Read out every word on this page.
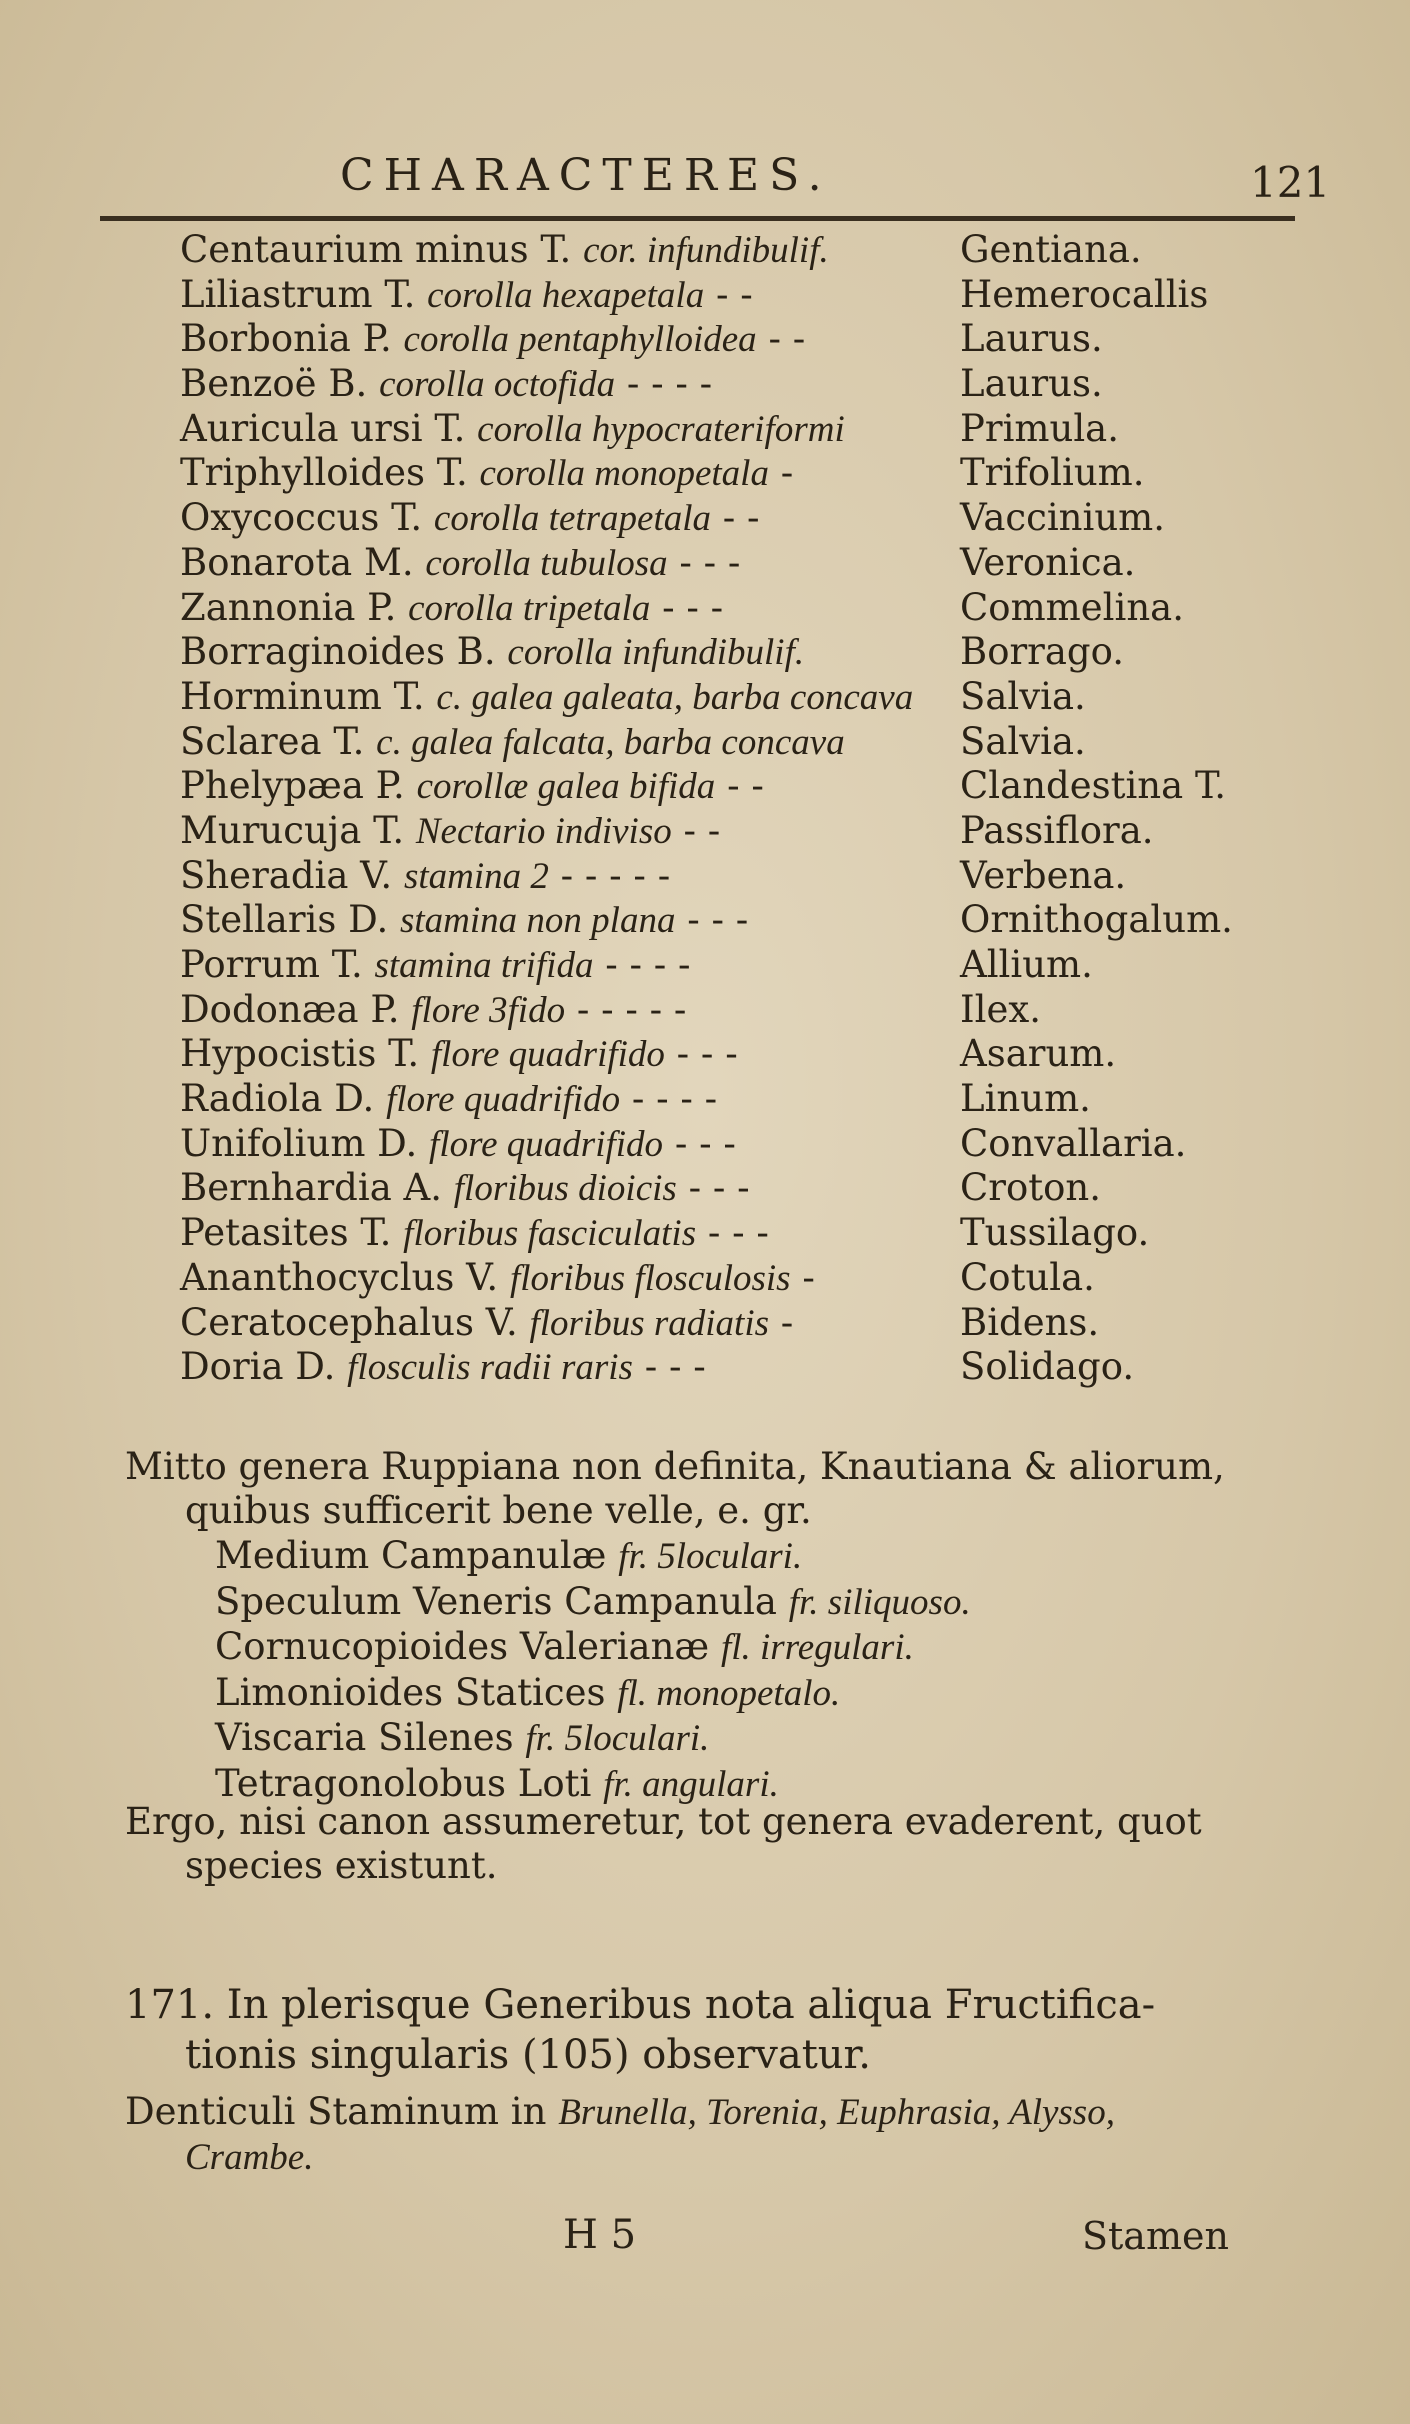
CHARACTERES.	121
Centaurium minus T. cor. infundibulif.	Gentiana.
Liliastrum T. corolla hexapetala - -	Hemerocallis
Borbonia P. corolla pentaphylloidea - -	Laurus.
Benzoë B. corolla octofida - - - -	Laurus.
Auricula ursi T. corolla hypocrateriformi	Primula.
Triphylloides T. corolla monopetala -	Trifolium.
Oxycoccus T. corolla tetrapetala - -	Vaccinium.
Bonarota M. corolla tubulosa - - -	Veronica.
Zannonia P. corolla tripetala - - -	Commelina.
Borraginoides B. corolla infundibulif.	Borrago.
Horminum T. c. galea galeata, barba concava Salvia.
Sclarea T. c. galea falcata, barba concava	Salvia.
Phelypæa P. corollæ galea bifida - -	Clandestina T.
Murucuja T. Nectario indiviso - -	Passiflora.
Sheradia V. stamina 2 - - - - -	Verbena.
Stellaris D. stamina non plana - - -	Ornithogalum.
Porrum T. stamina trifida - - - -	Allium.
Dodonæa P. flore 3fido - - - - -	Ilex.
Hypocistis T. flore quadrifido - - -	Asarum.
Radiola D. flore quadrifido - - - -	Linum.
Unifolium D. flore quadrifido - - -	Convallaria.
Bernhardia A. floribus dioicis - - -	Croton.
Petasites T. floribus fasciculatis - - -	Tussilago.
Ananthocyclus V. floribus flosculosis -	Cotula.
Ceratocephalus V. floribus radiatis -	Bidens.
Doria D. flosculis radii raris - - -	Solidago.
Mitto genera Ruppiana non definita, Knautiana & aliorum,
quibus sufficerit bene velle, e. gr.
Medium Campanulæ fr. 5loculari.
Speculum Veneris Campanula fr. siliquoso.
Cornucopioides Valerianæ fl. irregulari.
Limonioides Statices fl. monopetalo.
Viscaria Silenes fr. 5loculari.
Tetragonolobus Loti fr. angulari.
Ergo, nisi canon assumeretur, tot genera evaderent, quot
species existunt.
171. In plerisque Generibus nota aliqua Fructifica-
tionis singularis (105) observatur.
Denticuli Staminum in Brunella, Torenia, Euphrasia, Alysso,
Crambe.
H 5	Stamen
